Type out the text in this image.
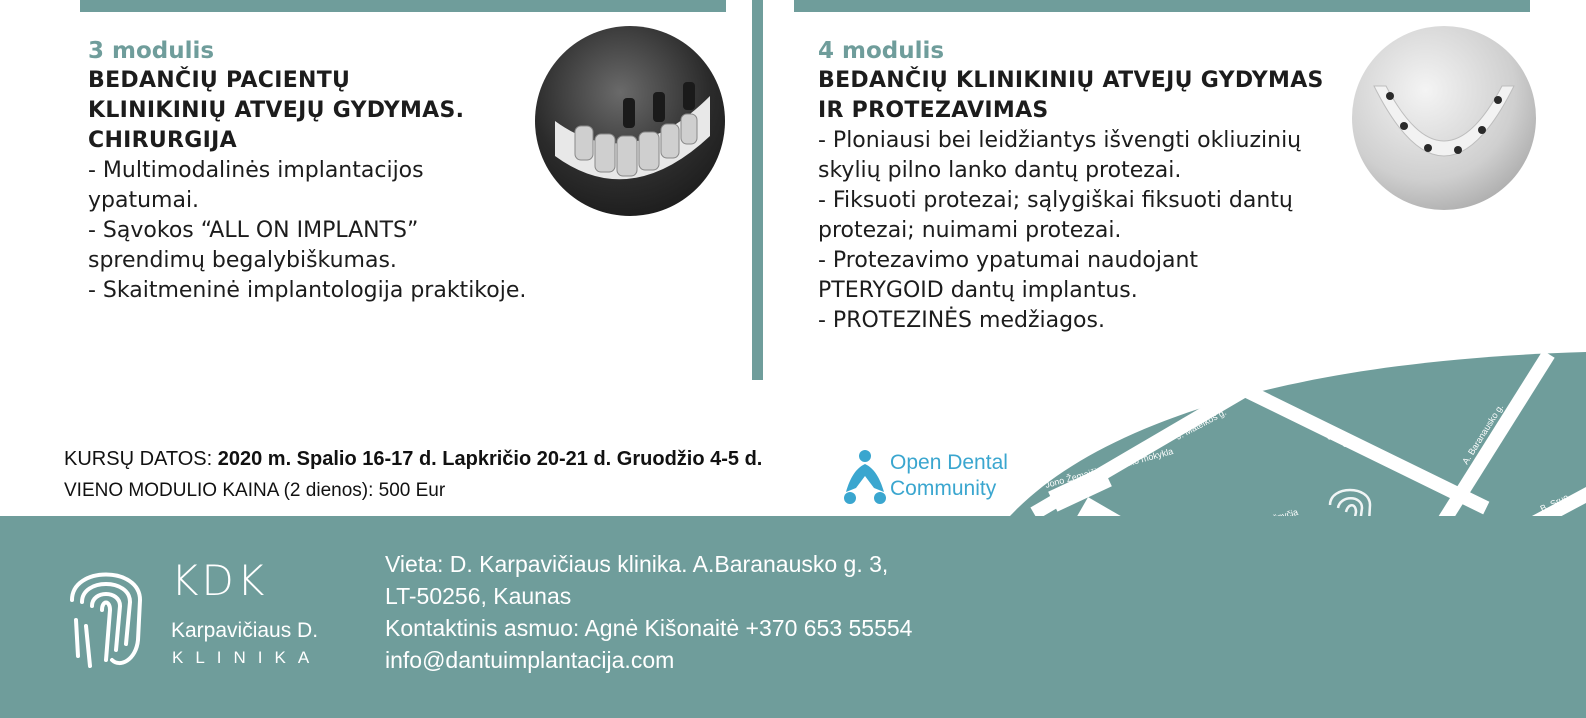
J. Matelkos g.	B. Sruogos g.	A. Baranausko g.
B. Sruo
Jono Žemaičio - Vytauto mokykla
3 modulis
BEDANČIŲ PACIENTŲ
KLINIKINIŲ ATVEJŲ GYDYMAS.
CHIRURGIJA
- Multimodalinės implantacijos
ypatumai.
- Sąvokos “ALL ON IMPLANTS”
sprendimų begalybiškumas.
- Skaitmeninė implantologija praktikoje.
4 modulis
BEDANČIŲ KLINIKINIŲ ATVEJŲ GYDYMAS
IR PROTEZAVIMAS
- Ploniausi bei leidžiantys išvengti okliuzinių
skylių pilno lanko dantų protezai.
- Fiksuoti protezai; sąlygiškai fiksuoti dantų
protezai; nuimami protezai.
- Protezavimo ypatumai naudojant
PTERYGOID dantų implantus.
- PROTEZINĖS medžiagos.
KURSŲ DATOS: 2020 m. Spalio 16-17 d. Lapkričio 20-21 d. Gruodžio 4-5 d.
VIENO MODULIO KAINA (2 dienos): 500 Eur
Open Dental
Community
KDK
Karpavičiaus D.
KLINIKA
Vieta: D. Karpavičiaus klinika. A.Baranausko g. 3,
LT-50256, Kaunas
Kontaktinis asmuo: Agnė Kišonaitė +370 653 55554
info@dantuimplantacija.com
